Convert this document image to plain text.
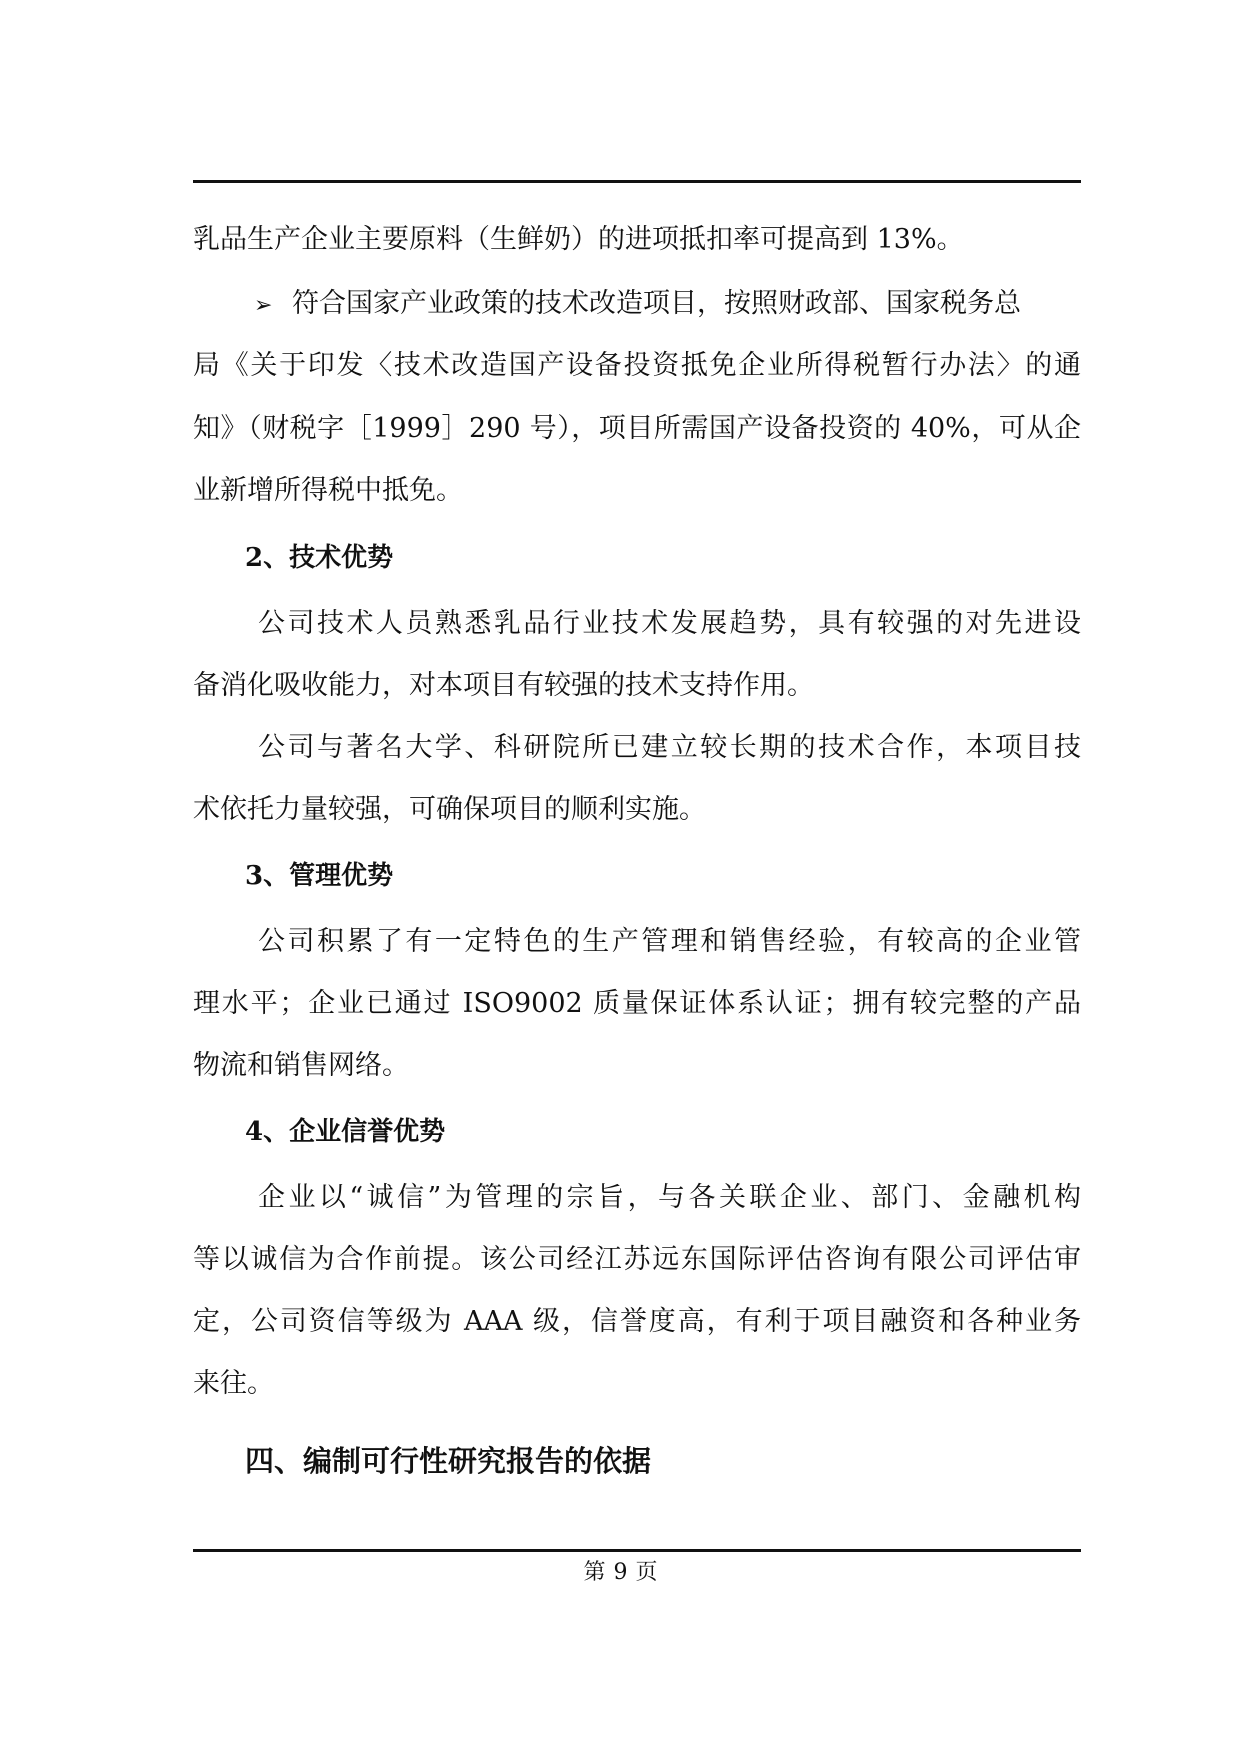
乳品生产企业主要原料（生鲜奶）的进项抵扣率可提高到 13%。
➢ 符合国家产业政策的技术改造项目，按照财政部、国家税务总
局《关于印发〈技术改造国产设备投资抵免企业所得税暂行办法〉的通
知》（财税字［1999］290 号），项目所需国产设备投资的 40%，可从企
业新增所得税中抵免。
2、技术优势
公司技术人员熟悉乳品行业技术发展趋势，具有较强的对先进设
备消化吸收能力，对本项目有较强的技术支持作用。
公司与著名大学、科研院所已建立较长期的技术合作，本项目技
术依托力量较强，可确保项目的顺利实施。
3、管理优势
公司积累了有一定特色的生产管理和销售经验，有较高的企业管
理水平；企业已通过 ISO9002 质量保证体系认证；拥有较完整的产品
物流和销售网络。
4、企业信誉优势
企业以“诚信”为管理的宗旨，与各关联企业、部门、金融机构
等以诚信为合作前提。该公司经江苏远东国际评估咨询有限公司评估审
定，公司资信等级为 AAA 级，信誉度高，有利于项目融资和各种业务
来往。
四、编制可行性研究报告的依据
第 9 页
